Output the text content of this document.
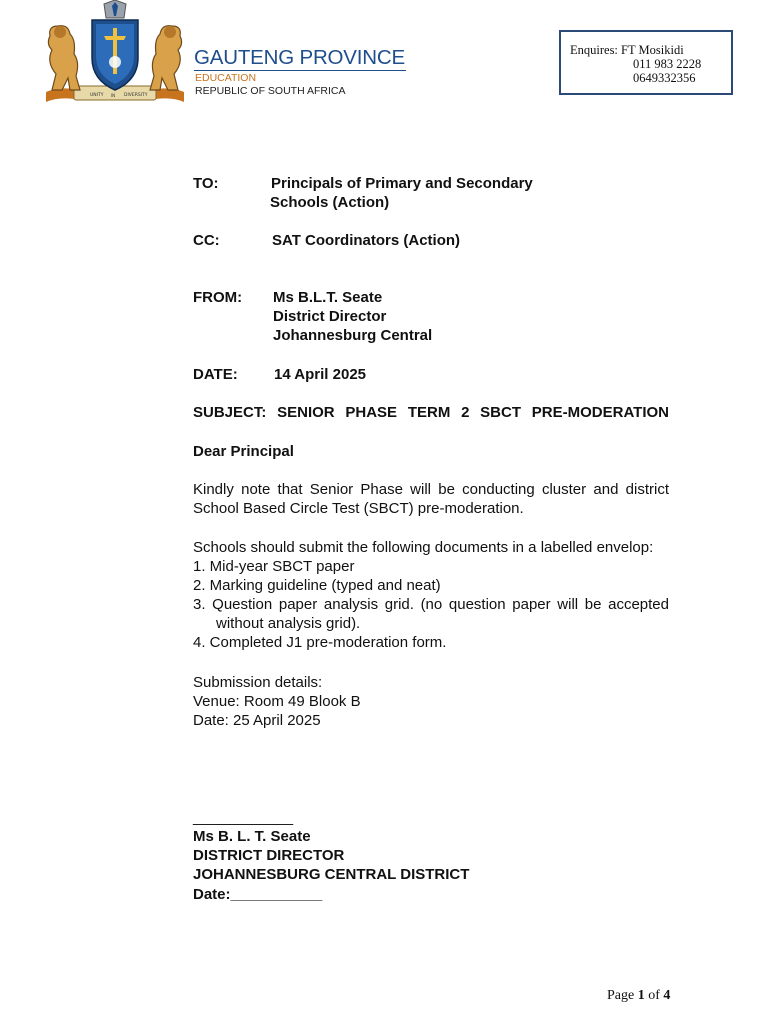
UNITY IN DIVERSITY
GAUTENG PROVINCE
EDUCATION
REPUBLIC OF SOUTH AFRICA
Enquires: FT Mosikidi
011 983 2228
0649332356
TO:	Principals of Primary and Secondary
Schools (Action)
CC:	SAT Coordinators (Action)
FROM: Ms B.L.T. Seate
District Director
Johannesburg Central
DATE: 14 April 2025
SUBJECT: SENIOR PHASE TERM 2 SBCT PRE-MODERATION
Dear Principal
Kindly note that Senior Phase will be conducting cluster and district
School Based Circle Test (SBCT) pre-moderation.
Schools should submit the following documents in a labelled envelop:
1. Mid-year SBCT paper
2. Marking guideline (typed and neat)
3. Question paper analysis grid. (no question paper will be accepted
without analysis grid).
4. Completed J1 pre-moderation form.
Submission details:
Venue: Room 49 Blook B
Date: 25 April 2025
____________
Ms B. L. T. Seate
DISTRICT DIRECTOR
JOHANNESBURG CENTRAL DISTRICT
Date:___________
Page 1 of 4
